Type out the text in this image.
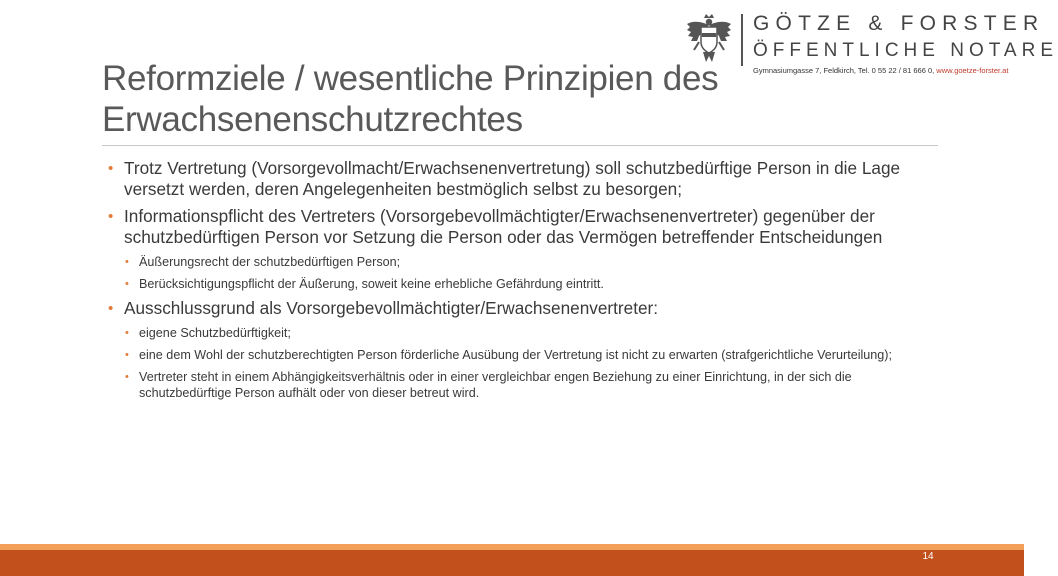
GÖTZE & FORSTER
ÖFFENTLICHE NOTARE
Gymnasiumgasse 7, Feldkirch, Tel. 0 55 22 / 81 666 0, www.goetze-forster.at
Reformziele / wesentliche Prinzipien des Erwachsenenschutzrechtes
• Trotz Vertretung (Vorsorgevollmacht/Erwachsenenvertretung) soll schutzbedürftige Person in die Lage versetzt werden, deren Angelegenheiten bestmöglich selbst zu besorgen;
• Informationspflicht des Vertreters (Vorsorgebevollmächtigter/Erwachsenenvertreter) gegenüber der schutzbedürftigen Person vor Setzung die Person oder das Vermögen betreffender Entscheidungen
• Äußerungsrecht der schutzbedürftigen Person;
• Berücksichtigungspflicht der Äußerung, soweit keine erhebliche Gefährdung eintritt.
• Ausschlussgrund als Vorsorgebevollmächtigter/Erwachsenenvertreter:
• eigene Schutzbedürftigkeit;
• eine dem Wohl der schutzberechtigten Person förderliche Ausübung der Vertretung ist nicht zu erwarten (strafgerichtliche Verurteilung);
• Vertreter steht in einem Abhängigkeitsverhältnis oder in einer vergleichbar engen Beziehung zu einer Einrichtung, in der sich die schutzbedürftige Person aufhält oder von dieser betreut wird.
14
